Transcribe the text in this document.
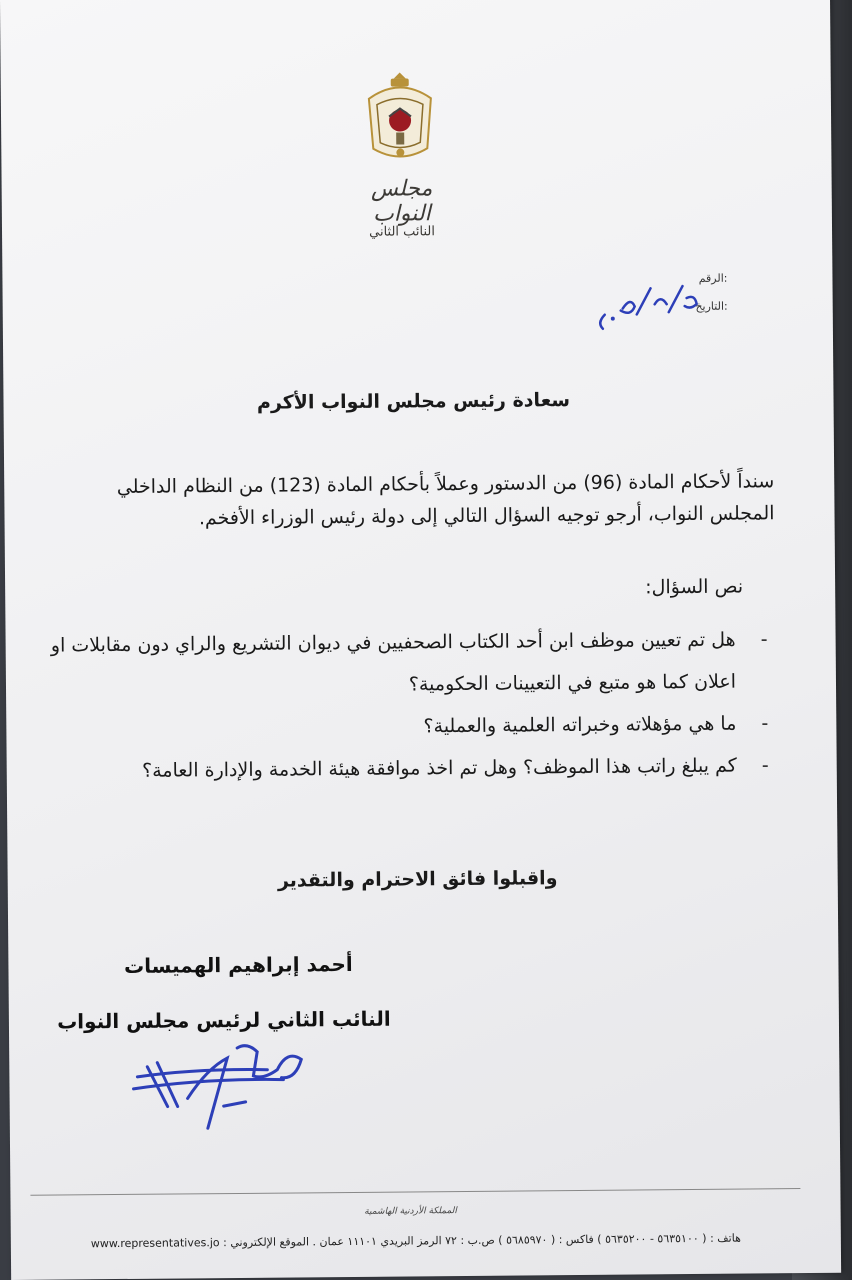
مجلس النواب
النائب الثاني
الرقم:
التاريخ:
سعادة رئيس مجلس النواب الأكرم
سنداً لأحكام المادة (96) من الدستور وعملاً بأحكام المادة (123) من النظام الداخلي المجلس النواب، أرجو توجيه السؤال التالي إلى دولة رئيس الوزراء الأفخم.
نص السؤال:
- هل تم تعيين موظف ابن أحد الكتاب الصحفيين في ديوان التشريع والراي دون مقابلات او اعلان كما هو متبع في التعيينات الحكومية؟
- ما هي مؤهلاته وخبراته العلمية والعملية؟
- كم يبلغ راتب هذا الموظف؟ وهل تم اخذ موافقة هيئة الخدمة والإدارة العامة؟
واقبلوا فائق الاحترام والتقدير
أحمد إبراهيم الهميسات
النائب الثاني لرئيس مجلس النواب
المملكة الأردنية الهاشمية
هاتف : ( ٥٦٣٥١٠٠ - ٥٦٣٥٢٠٠ ) فاكس : ( ٥٦٨٥٩٧٠ ) ص.ب : ٧٢ الرمز البريدي ١١١٠١ عمان . الموقع الإلكتروني : www.representatives.jo
